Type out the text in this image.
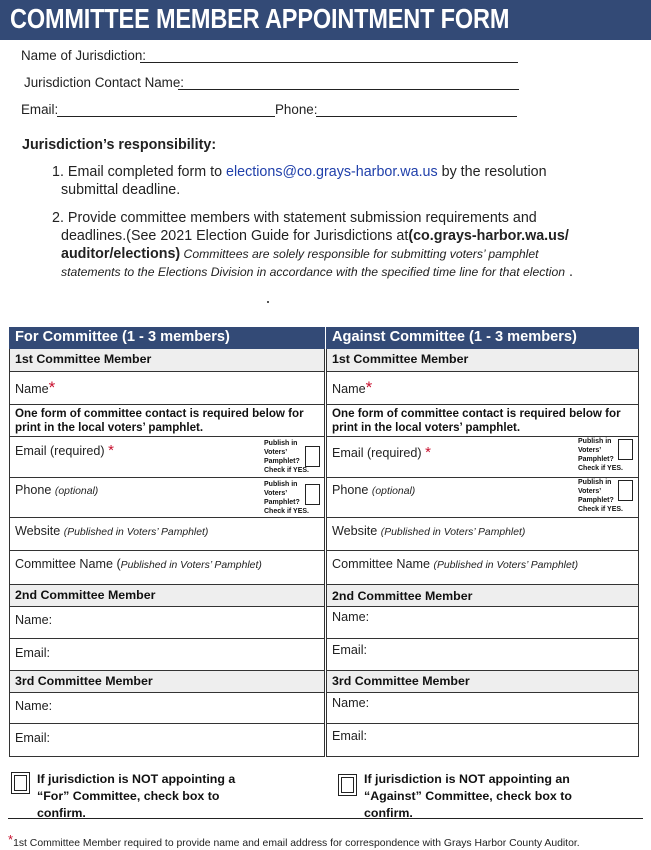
COMMITTEE MEMBER APPOINTMENT FORM
Name of Jurisdiction:
Jurisdiction Contact Name:
Email:	Phone:
Jurisdiction’s responsibility:
1. Email completed form to elections@co.grays-harbor.wa.us by the resolution
submittal deadline.
2. Provide committee members with statement submission requirements and
deadlines.(See 2021 Election Guide for Jurisdictions at(co.grays-harbor.wa.us/
auditor/elections) Committees are solely responsible for submitting voters’ pamphlet
statements to the Elections Division in accordance with the specified time line for that election .
For Committee (1 - 3 members)
1st Committee Member
Name*
One form of committee contact is required below for print in the local voters’ pamphlet.
Email (required) *	Publish in Voters’ Pamphlet? Check if YES.
Phone (optional)
Publish in Voters’ Pamphlet? Check if YES.
Website (Published in Voters’ Pamphlet)
Committee Name (Published in Voters’ Pamphlet)
2nd Committee Member
Name:
Email:
3rd Committee Member
Name:
Email:
Against Committee (1 - 3 members)
1st Committee Member
Name*
One form of committee contact is required below for print in the local voters’ pamphlet.
Email (required) *
Publish in Voters’ Pamphlet? Check if YES.
Phone (optional)
Publish in Voters’ Pamphlet? Check if YES.
Website (Published in Voters’ Pamphlet)
Committee Name (Published in Voters’ Pamphlet)
2nd Committee Member
Name:
Email:
3rd Committee Member
Name:
Email:
If jurisdiction is NOT appointing a “For” Committee, check box to confirm.
If jurisdiction is NOT appointing an “Against” Committee, check box to confirm.
*1st Committee Member required to provide name and email address for correspondence with Grays Harbor County Auditor.
